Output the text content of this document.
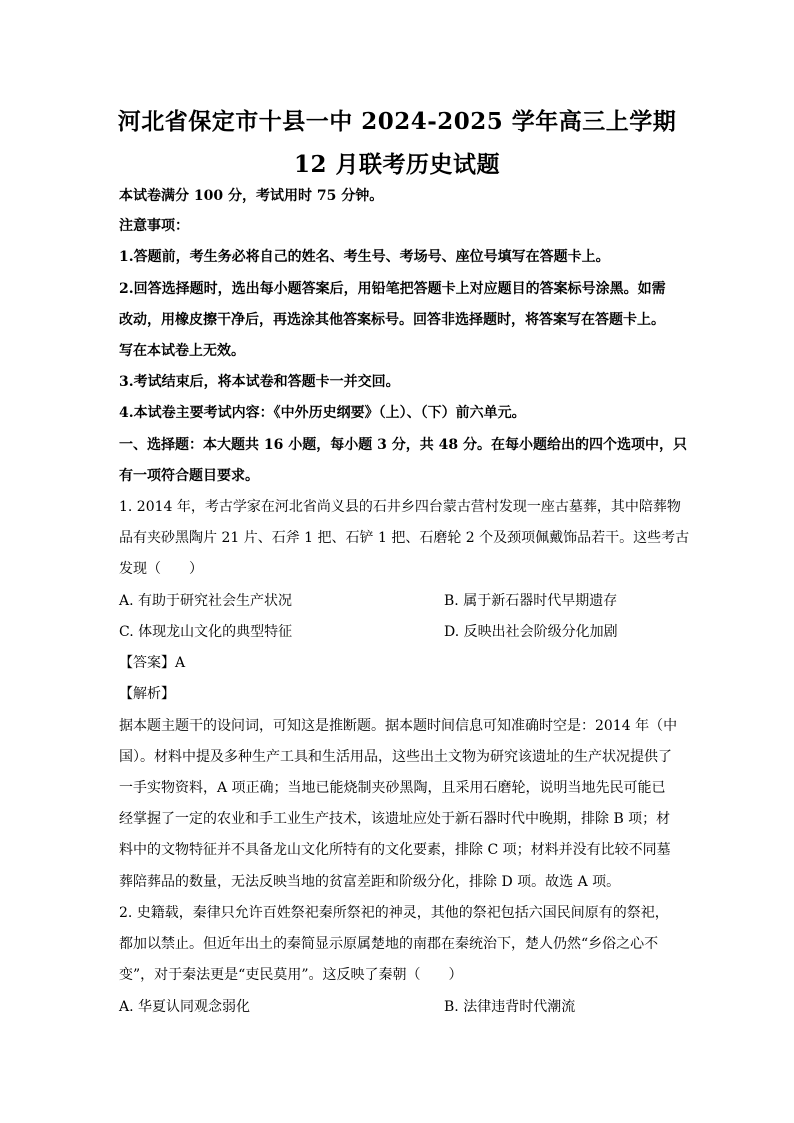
河北省保定市十县一中 2024-2025 学年高三上学期
12 月联考历史试题
本试卷满分 100 分，考试用时 75 分钟。
注意事项：
1.答题前，考生务必将自己的姓名、考生号、考场号、座位号填写在答题卡上。
2.回答选择题时，选出每小题答案后，用铅笔把答题卡上对应题目的答案标号涂黑。如需
改动，用橡皮擦干净后，再选涂其他答案标号。回答非选择题时，将答案写在答题卡上。
写在本试卷上无效。
3.考试结束后，将本试卷和答题卡一并交回。
4.本试卷主要考试内容：《中外历史纲要》（上）、（下）前六单元。
一、选择题：本大题共 16 小题，每小题 3 分，共 48 分。在每小题给出的四个选项中，只
有一项符合题目要求。
1. 2014 年，考古学家在河北省尚义县的石井乡四台蒙古营村发现一座古墓葬，其中陪葬物
品有夹砂黑陶片 21 片、石斧 1 把、石铲 1 把、石磨轮 2 个及颈项佩戴饰品若干。这些考古
发现（　　）
A. 有助于研究社会生产状况	B. 属于新石器时代早期遗存
C. 体现龙山文化的典型特征	D. 反映出社会阶级分化加剧
【答案】A
【解析】
据本题主题干的设问词，可知这是推断题。据本题时间信息可知准确时空是：2014 年（中
国）。材料中提及多种生产工具和生活用品，这些出土文物为研究该遗址的生产状况提供了
一手实物资料，A 项正确；当地已能烧制夹砂黑陶，且采用石磨轮，说明当地先民可能已
经掌握了一定的农业和手工业生产技术，该遗址应处于新石器时代中晚期，排除 B 项；材
料中的文物特征并不具备龙山文化所特有的文化要素，排除 C 项；材料并没有比较不同墓
葬陪葬品的数量，无法反映当地的贫富差距和阶级分化，排除 D 项。故选 A 项。
2. 史籍载，秦律只允许百姓祭祀秦所祭祀的神灵，其他的祭祀包括六国民间原有的祭祀，
都加以禁止。但近年出土的秦简显示原属楚地的南郡在秦统治下，楚人仍然“乡俗之心不
变”，对于秦法更是“吏民莫用”。这反映了秦朝（　　）
A. 华夏认同观念弱化	B. 法律违背时代潮流
